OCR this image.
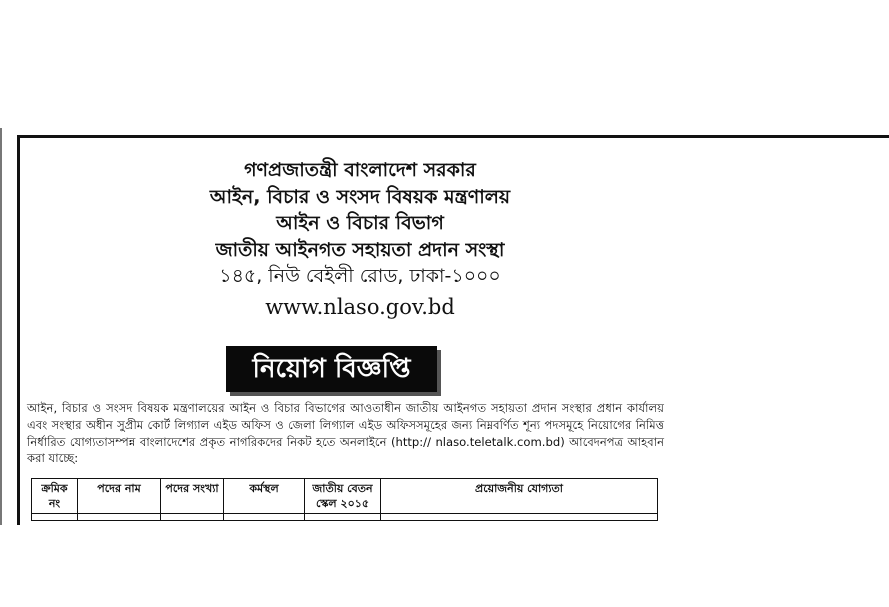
গণপ্রজাতন্ত্রী বাংলাদেশ সরকার
আইন, বিচার ও সংসদ বিষয়ক মন্ত্রণালয়
আইন ও বিচার বিভাগ
জাতীয় আইনগত সহায়তা প্রদান সংস্থা
১৪৫, নিউ বেইলী রোড, ঢাকা-১০০০
www.nlaso.gov.bd
নিয়োগ বিজ্ঞপ্তি

আইন, বিচার ও সংসদ বিষয়ক মন্ত্রণালয়ের আইন ও বিচার বিভাগের আওতাধীন জাতীয় আইনগত সহায়তা প্রদান সংস্থার প্রধান কার্যালয় এবং সংস্থার অধীন সুপ্রীম কোর্ট লিগ্যাল এইড অফিস ও জেলা লিগ্যাল এইড অফিসসমূহের জন্য নিম্নবর্ণিত শূন্য পদসমূহে নিয়োগের নিমিত্ত নির্ধারিত যোগ্যতাসম্পন্ন বাংলাদেশের প্রকৃত নাগরিকদের নিকট হতে অনলাইনে (http:// nlaso.teletalk.com.bd) আবেদনপত্র আহবান করা যাচ্ছে:

ক্রমিক নং	পদের নাম	পদের সংখ্যা	কর্মস্থল	জাতীয় বেতন স্কেল ২০১৫	প্রয়োজনীয় যোগ্যতা
